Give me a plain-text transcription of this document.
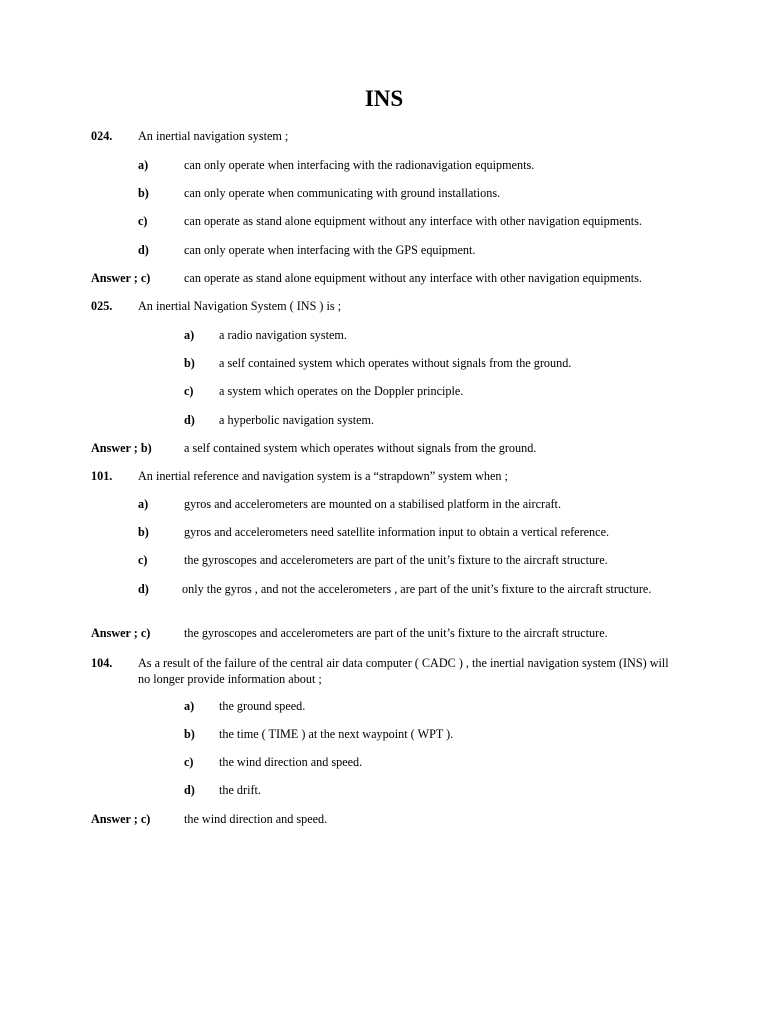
INS
024. An inertial navigation system ;
a)	can only operate when interfacing with the radionavigation equipments.
b)	can only operate when communicating with ground installations.
c)	can operate as stand alone equipment without any interface with other navigation equipments.
d)	can only operate when interfacing with the GPS equipment.
Answer ; c)	can operate as stand alone equipment without any interface with other navigation equipments.
025. An inertial Navigation System ( INS ) is ;
a) a radio navigation system.
b) a self contained system which operates without signals from the ground.
c) a system which operates on the Doppler principle.
d) a hyperbolic navigation system.
Answer ; b)	a self contained system which operates without signals from the ground.
101. An inertial reference and navigation system is a “strapdown” system when ;
a)	gyros and accelerometers are mounted on a stabilised platform in the aircraft.
b)	gyros and accelerometers need satellite information input to obtain a vertical reference.
c)	the gyroscopes and accelerometers are part of the unit’s fixture to the aircraft structure.
d)	only the gyros , and not the accelerometers , are part of the unit’s fixture to the aircraft structure.
Answer ; c)	the gyroscopes and accelerometers are part of the unit’s fixture to the aircraft structure.
104. As a result of the failure of the central air data computer ( CADC ) , the inertial navigation system (INS) will no longer provide information about ;
a) the ground speed.
b) the time ( TIME ) at the next waypoint ( WPT ).
c) the wind direction and speed.
d) the drift.
Answer ; c)	the wind direction and speed.
